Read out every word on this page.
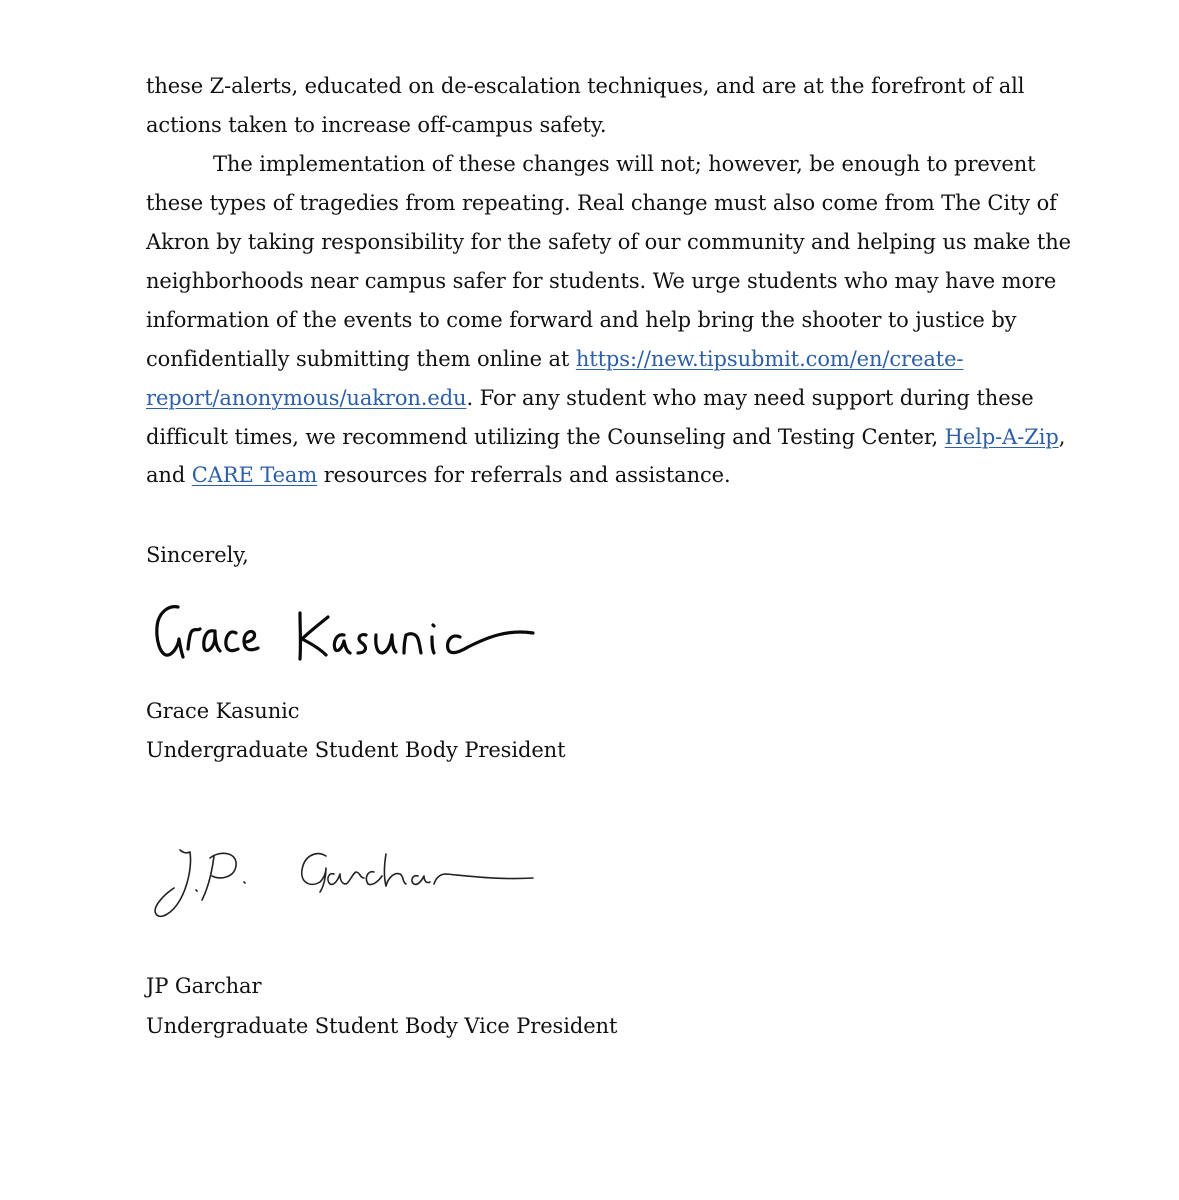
these Z-alerts, educated on de-escalation techniques, and are at the forefront of all
actions taken to increase off-campus safety.
The implementation of these changes will not; however, be enough to prevent
these types of tragedies from repeating. Real change must also come from The City of
Akron by taking responsibility for the safety of our community and helping us make the
neighborhoods near campus safer for students. We urge students who may have more
information of the events to come forward and help bring the shooter to justice by
confidentially submitting them online at https://new.tipsubmit.com/en/create-
report/anonymous/uakron.edu. For any student who may need support during these
difficult times, we recommend utilizing the Counseling and Testing Center, Help-A-Zip,
and CARE Team resources for referrals and assistance.
Sincerely,
Grace Kasunic
Undergraduate Student Body President
JP Garchar
Undergraduate Student Body Vice President
